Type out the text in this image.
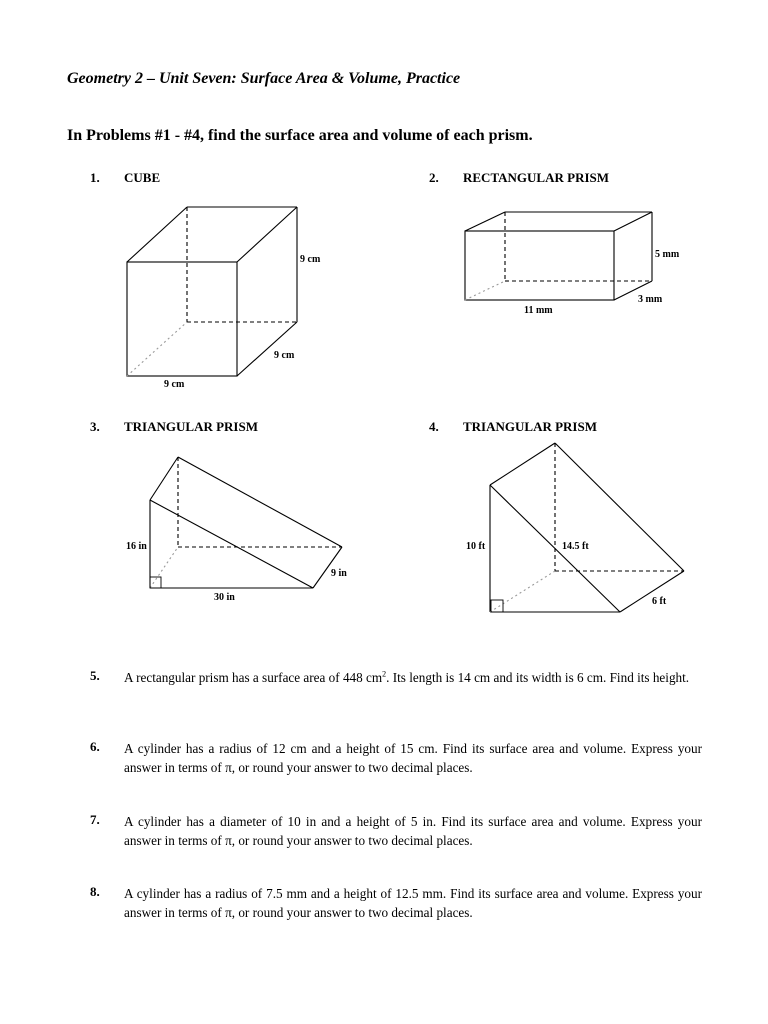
Geometry 2 – Unit Seven: Surface Area & Volume, Practice
In Problems #1 - #4, find the surface area and volume of each prism.
1. CUBE	2. RECTANGULAR PRISM
3. TRIANGULAR PRISM	4. TRIANGULAR PRISM
9 cm
9 cm
9 cm
5 mm
3 mm
11 mm
16 in
9 in
30 in
10 ft	14.5 ft
6 ft
5. A rectangular prism has a surface area of 448 $cm^2$. Its length is 14 cm and its width is 6 cm. Find its height.
6. A cylinder has a radius of 12 cm and a height of 15 cm. Find its surface area and volume. Express your answer in terms of π, or round your answer to two decimal places.
7. A cylinder has a diameter of 10 in and a height of 5 in. Find its surface area and volume. Express your answer in terms of π, or round your answer to two decimal places.
8. A cylinder has a radius of 7.5 mm and a height of 12.5 mm. Find its surface area and volume. Express your answer in terms of π, or round your answer to two decimal places.
